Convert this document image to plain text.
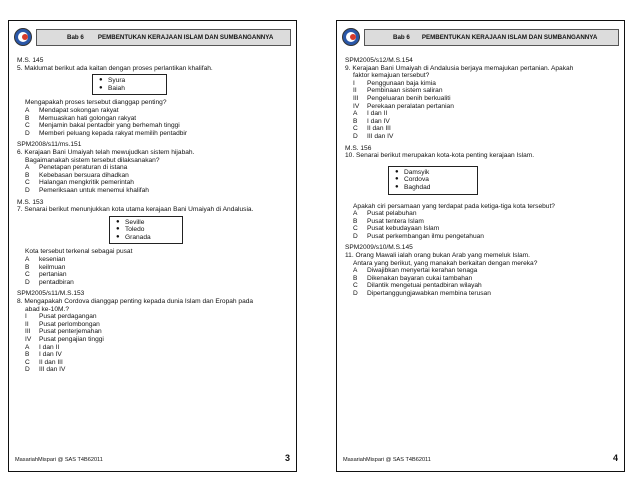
Bab 6 PEMBENTUKAN KERAJAAN ISLAM DAN SUMBANGANNYA

M.S. 145

5. Maklumat berikut ada kaitan dengan proses perlantikan khalifah.

● Syura
● Baiah

Mengapakah proses tersebut dianggap penting?

A	Mendapat sokongan rakyat
B	Memuaskan hati golongan rakyat
C	Menjamin bakal pentadbir yang berhemah tinggi
D	Memberi peluang kepada rakyat memilih pentadbir

SPM2008/s11/ms.151

6. Kerajaan Bani Umaiyah telah mewujudkan sistem hijabah.

Bagaimanakah sistem tersebut dilaksanakan?

A	Penetapan peraturan di istana
B	Kebebasan bersuara dihadkan
C	Halangan mengkritik pemerintah
D	Pemeriksaan untuk menemui khalifah

M.S. 153

7. Senarai berikut menunjukkan kota utama kerajaan Bani Umaiyah di Andalusia.

● Seville
● Toledo
● Granada

Kota tersebut terkenal sebagai pusat

A	kesenian
B	keilmuan
C	pertanian
D	pentadbiran

SPM2005/s11/M.S.153

8. Mengapakah Cordova dianggap penting kepada dunia Islam dan Eropah pada

abad ke-10M.?

I	Pusat perdagangan
II	Pusat perlombongan
III	Pusat penterjemahan
IV	Pusat pengajian tinggi
A	I dan II
B	I dan IV
C	II dan III
D	III dan IV
MasariahMispari @ SAS T4B62011	3
Bab 6 PEMBENTUKAN KERAJAAN ISLAM DAN SUMBANGANNYA

SPM2005/s12/M.S.154

9. Kerajaan Bani Umaiyah di Andalusia berjaya memajukan pertanian. Apakah

faktor kemajuan tersebut?

I	Penggunaan baja kimia
II	Pembinaan sistem saliran
III	Pengeluaran benih berkualiti
IV	Perekaan peralatan pertanian
A	I dan II
B	I dan IV
C	II dan III
D	III dan IV

M.S. 156

10. Senarai berikut merupakan kota-kota penting kerajaan Islam.

● Damsyik
● Cordova
● Baghdad

Apakah ciri persamaan yang terdapat pada ketiga-tiga kota tersebut?

A	Pusat pelabuhan
B	Pusat tentera Islam
C	Pusat kebudayaan Islam
D	Pusat perkembangan ilmu pengetahuan

SPM2009/s10/M.S.145

11. Orang Mawali ialah orang bukan Arab yang memeluk Islam.

Antara yang berikut, yang manakah berkaitan dengan mereka?

A	Diwajibkan menyertai kerahan tenaga
B	Dikenakan bayaran cukai tambahan
C	Dilantik mengetuai pentadbiran wilayah
D	Dipertanggungjawabkan membina terusan
MasariahMispari @ SAS T4B62011	4
